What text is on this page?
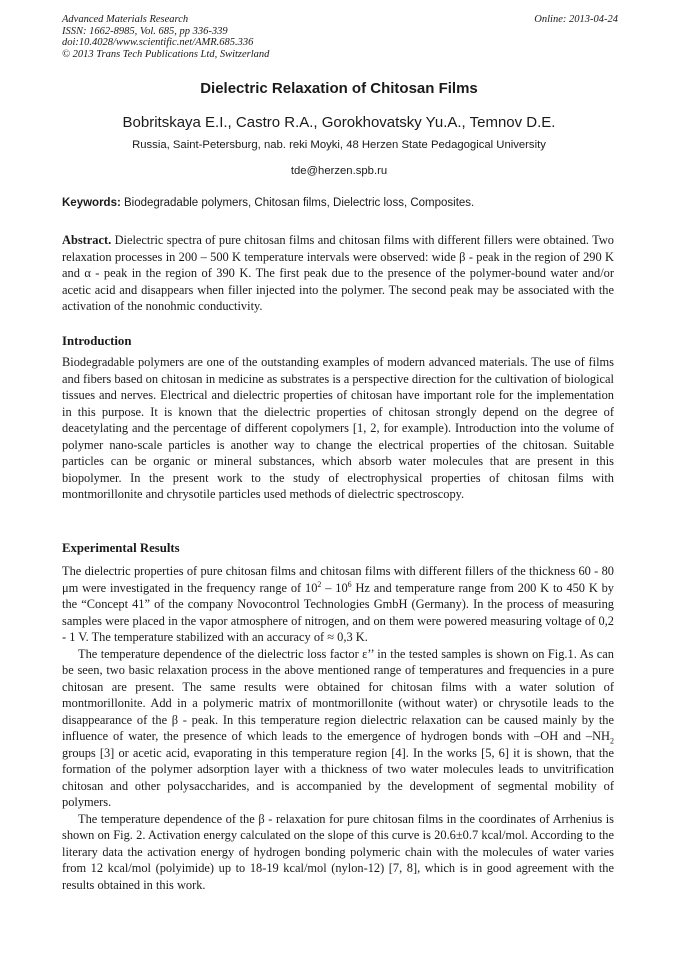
Advanced Materials Research
ISSN: 1662-8985, Vol. 685, pp 336-339
doi:10.4028/www.scientific.net/AMR.685.336
© 2013 Trans Tech Publications Ltd, Switzerland
Online: 2013-04-24
Dielectric Relaxation of Chitosan Films
Bobritskaya E.I., Castro R.A., Gorokhovatsky Yu.A., Temnov D.E.
Russia, Saint-Petersburg, nab. reki Moyki, 48 Herzen State Pedagogical University
tde@herzen.spb.ru
Keywords: Biodegradable polymers, Chitosan films, Dielectric loss, Composites.

Abstract. Dielectric spectra of pure chitosan films and chitosan films with different fillers were obtained. Two relaxation processes in 200 – 500 K temperature intervals were observed: wide β - peak in the region of 290 K and α - peak in the region of 390 K. The first peak due to the presence of the polymer-bound water and/or acetic acid and disappears when filler injected into the polymer. The second peak may be associated with the activation of the nonohmic conductivity.

Introduction

Biodegradable polymers are one of the outstanding examples of modern advanced materials. The use of films and fibers based on chitosan in medicine as substrates is a perspective direction for the cultivation of biological tissues and nerves. Electrical and dielectric properties of chitosan have important role for the implementation in this purpose. It is known that the dielectric properties of chitosan strongly depend on the degree of deacetylating and the percentage of different copolymers [1, 2, for example). Introduction into the volume of polymer nano-scale particles is another way to change the electrical properties of the chitosan. Suitable particles can be organic or mineral substances, which absorb water molecules that are present in this biopolymer. In the present work to the study of electrophysical properties of chitosan films with montmorillonite and chrysotile particles used methods of dielectric spectroscopy.

Experimental Results

The dielectric properties of pure chitosan films and chitosan films with different fillers of the thickness 60 - 80 μm were investigated in the frequency range of $10^2 - 10^6$ Hz and temperature range from 200 K to 450 K by the “Concept 41” of the company Novocontrol Technologies GmbH (Germany). In the process of measuring samples were placed in the vapor atmosphere of nitrogen, and on them were powered measuring voltage of 0,2 - 1 V. The temperature stabilized with an accuracy of ≈ 0,3 K.

The temperature dependence of the dielectric loss factor ε’’ in the tested samples is shown on Fig.1. As can be seen, two basic relaxation process in the above mentioned range of temperatures and frequencies in a pure chitosan are present. The same results were obtained for chitosan films with a water solution of montmorillonite. Add in a polymeric matrix of montmorillonite (without water) or chrysotile leads to the disappearance of the β - peak. In this temperature region dielectric relaxation can be caused mainly by the influence of water, the presence of which leads to the emergence of hydrogen bonds with –OH and $-NH_2$ groups [3] or acetic acid, evaporating in this temperature region [4]. In the works [5, 6] it is shown, that the formation of the polymer adsorption layer with a thickness of two water molecules leads to unvitrification chitosan and other polysaccharides, and is accompanied by the development of segmental mobility of polymers.

The temperature dependence of the β - relaxation for pure chitosan films in the coordinates of Arrhenius is shown on Fig. 2. Activation energy calculated on the slope of this curve is 20.6±0.7 kcal/mol. According to the literary data the activation energy of hydrogen bonding polymeric chain with the molecules of water varies from 12 kcal/mol (polyimide) up to 18-19 kcal/mol (nylon-12) [7, 8], which is in good agreement with the results obtained in this work.
